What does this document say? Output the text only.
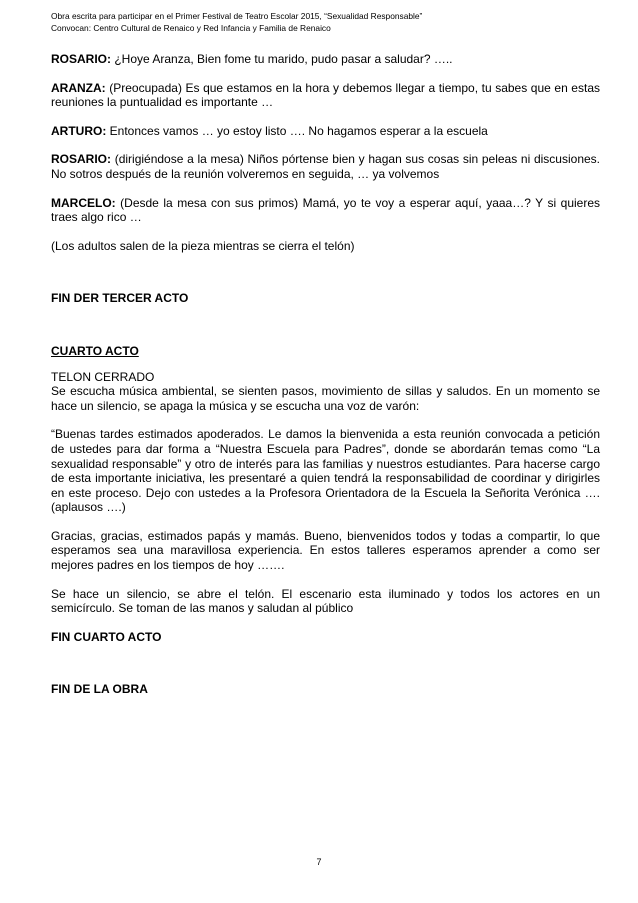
Obra escrita para participar en el Primer Festival de Teatro Escolar 2015, “Sexualidad Responsable”
Convocan: Centro Cultural de Renaico y Red Infancia y Familia de Renaico

ROSARIO: ¿Hoye Aranza, Bien fome tu marido, pudo pasar a saludar? …..

ARANZA: (Preocupada) Es que estamos en la hora y debemos llegar a tiempo, tu sabes que en estas reuniones la puntualidad es importante …

ARTURO: Entonces vamos … yo estoy listo …. No hagamos esperar a la escuela

ROSARIO: (dirigiéndose a la mesa) Niños pórtense bien y hagan sus cosas sin peleas ni discusiones. No sotros después de la reunión volveremos en seguida, … ya volvemos

MARCELO: (Desde la mesa con sus primos) Mamá, yo te voy a esperar aquí, yaaa…? Y si quieres traes algo rico …

(Los adultos salen de la pieza mientras se cierra el telón)

FIN DER TERCER ACTO

CUARTO ACTO

TELON CERRADO

Se escucha música ambiental, se sienten pasos, movimiento de sillas y saludos. En un momento se hace un silencio, se apaga la música y se escucha una voz de varón:

“Buenas tardes estimados apoderados. Le damos la bienvenida a esta reunión convocada a petición de ustedes para dar forma a “Nuestra Escuela para Padres”, donde se abordarán temas como “La sexualidad responsable” y otro de interés para las familias y nuestros estudiantes. Para hacerse cargo de esta importante iniciativa, les presentaré a quien tendrá la responsabilidad de coordinar y dirigirles en este proceso. Dejo con ustedes a la Profesora Orientadora de la Escuela la Señorita Verónica …. (aplausos ….)

Gracias, gracias, estimados papás y mamás. Bueno, bienvenidos todos y todas a compartir, lo que esperamos sea una maravillosa experiencia. En estos talleres esperamos aprender a como ser mejores padres en los tiempos de hoy …….

Se hace un silencio, se abre el telón. El escenario esta iluminado y todos los actores en un semicírculo. Se toman de las manos y saludan al público

FIN CUARTO ACTO

FIN DE LA OBRA

7
